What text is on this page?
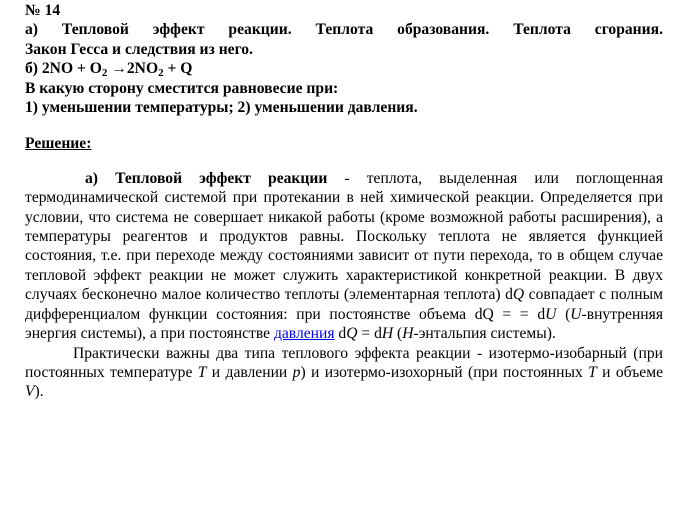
№ 14
а) Тепловой эффект реакции. Теплота образования. Теплота сгорания.
Закон Гесса и следствия из него.
б) $2NO + O_2 \to 2NO_2 + Q$
В какую сторону сместится равновесие при:
1) уменьшении температуры; 2) уменьшении давления.
Решение:
а) Тепловой эффект реакции - теплота, выделенная или поглощенная термодинамической системой при протекании в ней химической реакции. Определяется при условии, что система не совершает никакой работы (кроме возможной работы расширения), а температуры реагентов и продуктов равны. Поскольку теплота не является функцией состояния, т.е. при переходе между состояниями зависит от пути перехода, то в общем случае тепловой эффект реакции не может служить характеристикой конкретной реакции. В двух случаях бесконечно малое количество теплоты (элементарная теплота) dQ совпадает с полным дифференциалом функции состояния: при постоянстве объема dQ = = dU (U-внутренняя энергия системы), а при постоянстве давления dQ = dH (H-энтальпия системы).
Практически важны два типа теплового эффекта реакции - изотермо-изобарный (при постоянных температуре T и давлении p) и изотермо-изохорный (при постоянных T и объеме V).
